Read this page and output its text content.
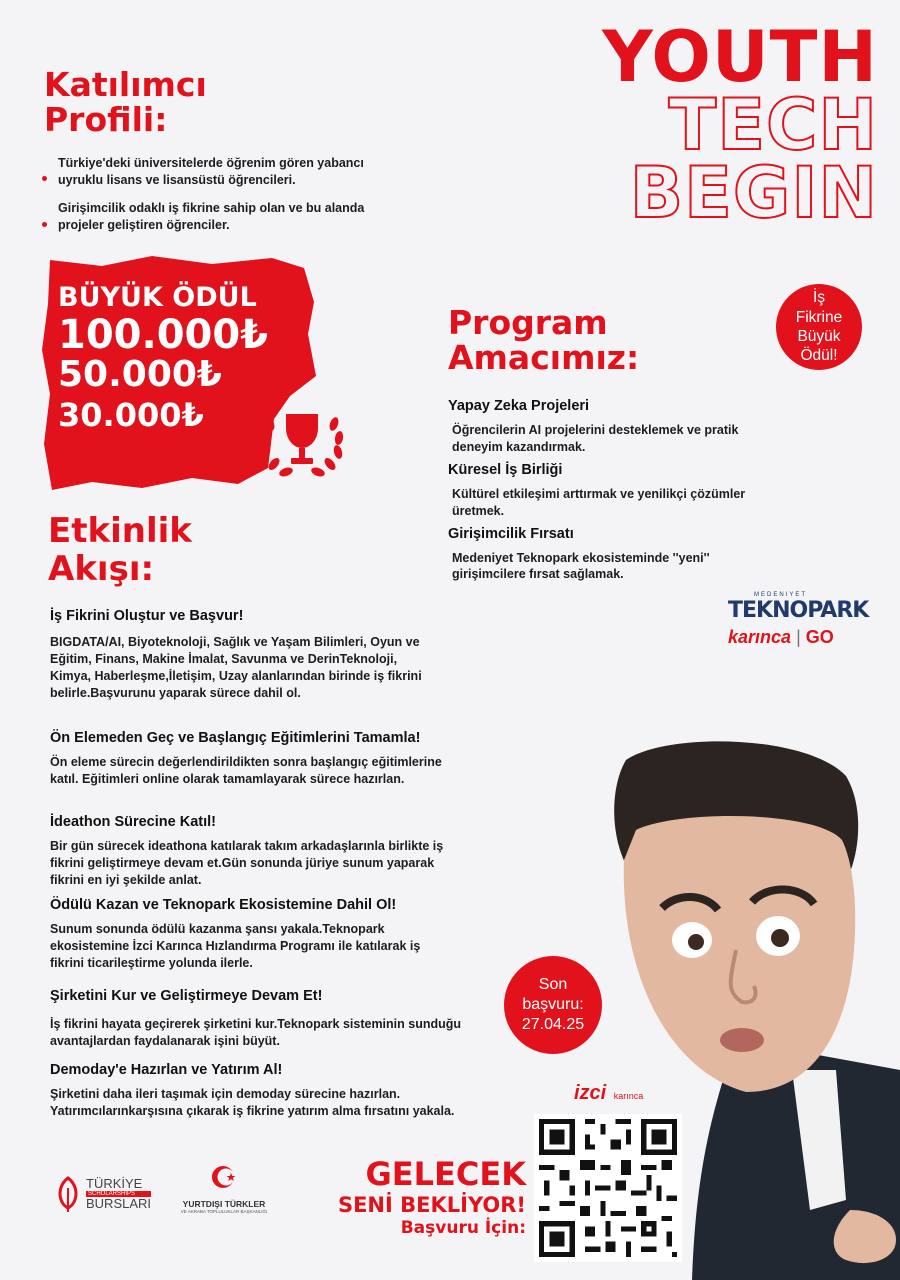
YOUTH
TECH
BEGIN
Katılımcı
Profili:
Türkiye'deki üniversitelerde öğrenim gören yabancı uyruklu lisans ve lisansüstü öğrencileri.
Girişimcilik odaklı iş fikrine sahip olan ve bu alanda projeler geliştiren öğrenciler.
BÜYÜK ÖDÜL
100.000₺
50.000₺
30.000₺
İş
Fikrine
Büyük
Ödül!
Program
Amacımız:
Yapay Zeka Projeleri
Öğrencilerin AI projelerini desteklemek ve pratik deneyim kazandırmak.
Küresel İş Birliği
Kültürel etkileşimi arttırmak ve yenilikçi çözümler üretmek.
Girişimcilik Fırsatı
Medeniyet Teknopark ekosisteminde ''yeni'' girişimcilere fırsat sağlamak.
MEDENIYET
TEKNOPARK
karınca | GO
Etkinlik
Akışı:
İş Fikrini Oluştur ve Başvur!
BIGDATA/AI, Biyoteknoloji, Sağlık ve Yaşam Bilimleri, Oyun ve Eğitim, Finans, Makine İmalat, Savunma ve DerinTeknoloji, Kimya, Haberleşme,İletişim, Uzay alanlarından birinde iş fikrini belirle.Başvurunu yaparak sürece dahil ol.
Ön Elemeden Geç ve Başlangıç Eğitimlerini Tamamla!
Ön eleme sürecin değerlendirildikten sonra başlangıç eğitimlerine katıl. Eğitimleri online olarak tamamlayarak sürece hazırlan.
İdeathon Sürecine Katıl!
Bir gün sürecek ideathona katılarak takım arkadaşlarınla birlikte iş fikrini geliştirmeye devam et.Gün sonunda jüriye sunum yaparak fikrini en iyi şekilde anlat.
Ödülü Kazan ve Teknopark Ekosistemine Dahil Ol!
Sunum sonunda ödülü kazanma şansı yakala.Teknopark ekosistemine İzci Karınca Hızlandırma Programı ile katılarak iş fikrini ticarileştirme yolunda ilerle.
Şirketini Kur ve Geliştirmeye Devam Et!
İş fikrini hayata geçirerek şirketini kur.Teknopark sisteminin sunduğu avantajlardan faydalanarak işini büyüt.
Demoday'e Hazırlan ve Yatırım Al!
Şirketini daha ileri taşımak için demoday sürecine hazırlan. Yatırımcılarınkarşısına çıkarak iş fikrine yatırım alma fırsatını yakala.
Son
başvuru:
27.04.25
izci karınca
GELECEK
SENİ BEKLİYOR!
Başvuru İçin:
TÜRKİYE
SCHOLARSHIPS
BURSLARI	YURTDIŞI TÜRKLER
VE AKRABA TOPLULUKLAR BAŞKANLIĞI
